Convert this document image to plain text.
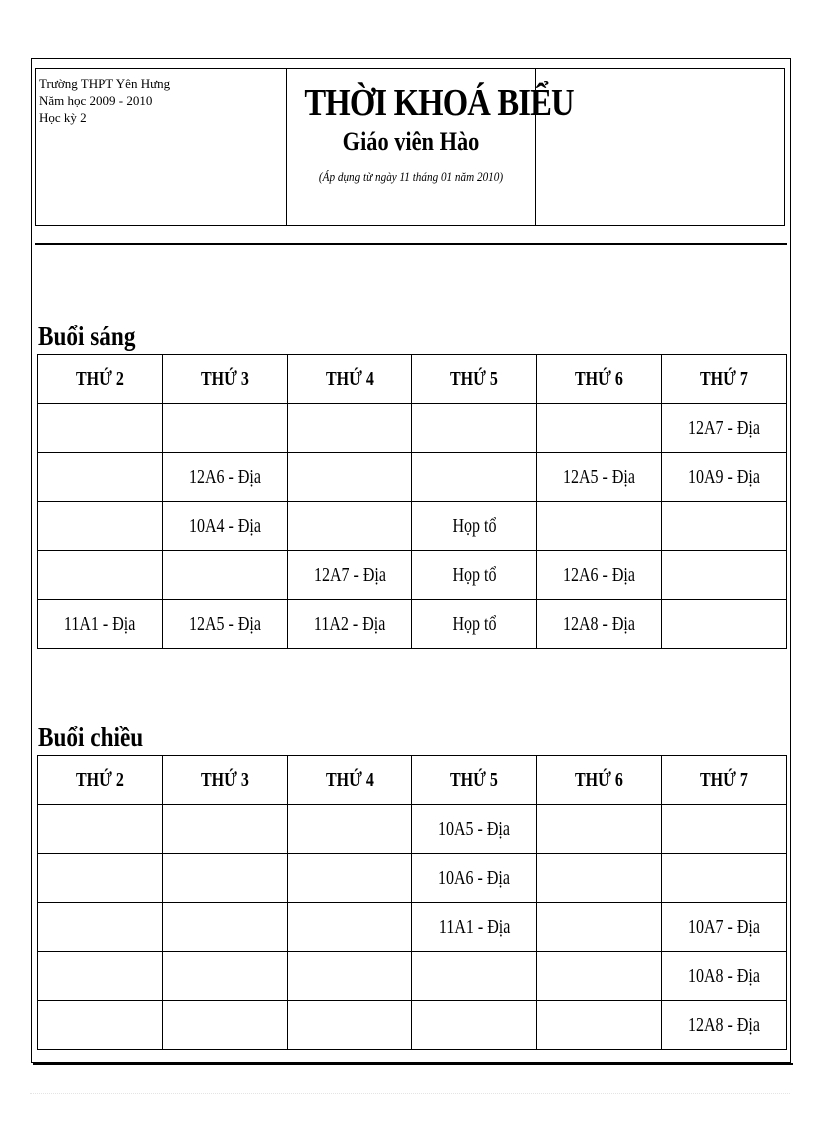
Trường THPT Yên Hưng
Năm học 2009 - 2010
Học kỳ 2	THỜI KHOÁ BIỂU
Giáo viên Hào
(Áp dụng từ ngày 11 tháng 01 năm 2010)
Buổi sáng
THỨ 2	THỨ 3	THỨ 4	THỨ 5	THỨ 6	THỨ 7
					12A7 - Địa
	12A6 - Địa			12A5 - Địa	10A9 - Địa
	10A4 - Địa		Họp tổ		
		12A7 - Địa	Họp tổ	12A6 - Địa	
11A1 - Địa	12A5 - Địa	11A2 - Địa	Họp tổ	12A8 - Địa	
Buổi chiều
THỨ 2	THỨ 3	THỨ 4	THỨ 5	THỨ 6	THỨ 7
			10A5 - Địa		
			10A6 - Địa		
			11A1 - Địa		10A7 - Địa
					10A8 - Địa
					12A8 - Địa
